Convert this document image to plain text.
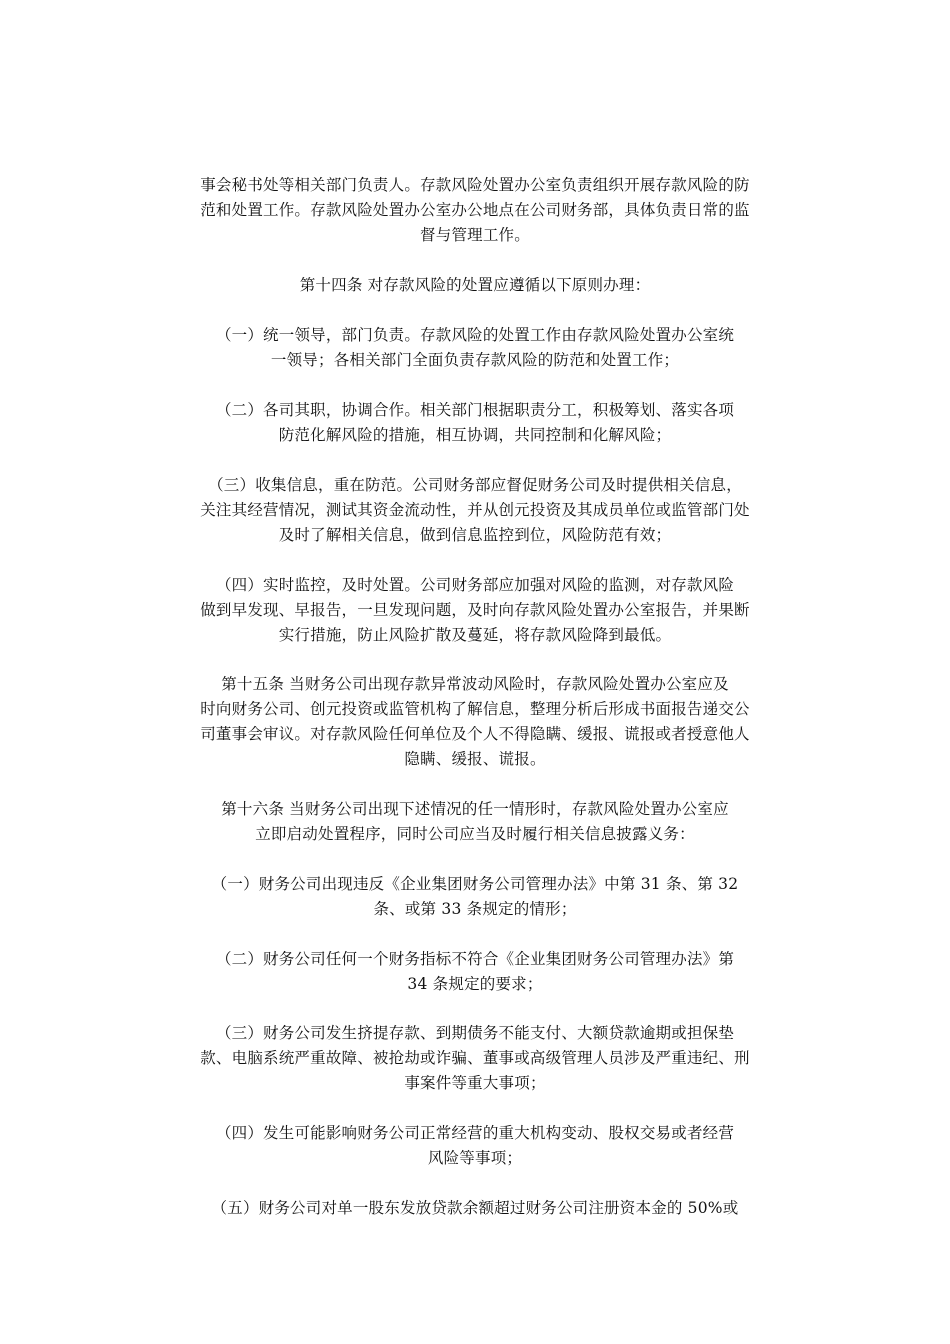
事会秘书处等相关部门负责人。存款风险处置办公室负责组织开展存款风险的防
范和处置工作。存款风险处置办公室办公地点在公司财务部，具体负责日常的监
督与管理工作。
第十四条 对存款风险的处置应遵循以下原则办理：
（一）统一领导，部门负责。存款风险的处置工作由存款风险处置办公室统
一领导；各相关部门全面负责存款风险的防范和处置工作；
（二）各司其职，协调合作。相关部门根据职责分工，积极筹划、落实各项
防范化解风险的措施，相互协调，共同控制和化解风险；
（三）收集信息，重在防范。公司财务部应督促财务公司及时提供相关信息，
关注其经营情况，测试其资金流动性，并从创元投资及其成员单位或监管部门处
及时了解相关信息，做到信息监控到位，风险防范有效；
（四）实时监控，及时处置。公司财务部应加强对风险的监测，对存款风险
做到早发现、早报告，一旦发现问题，及时向存款风险处置办公室报告，并果断
实行措施，防止风险扩散及蔓延，将存款风险降到最低。
第十五条 当财务公司出现存款异常波动风险时，存款风险处置办公室应及
时向财务公司、创元投资或监管机构了解信息，整理分析后形成书面报告递交公
司董事会审议。对存款风险任何单位及个人不得隐瞒、缓报、谎报或者授意他人
隐瞒、缓报、谎报。
第十六条 当财务公司出现下述情况的任一情形时，存款风险处置办公室应
立即启动处置程序，同时公司应当及时履行相关信息披露义务：
（一）财务公司出现违反《企业集团财务公司管理办法》中第 31 条、第 32
条、或第 33 条规定的情形；
（二）财务公司任何一个财务指标不符合《企业集团财务公司管理办法》第
34 条规定的要求；
（三）财务公司发生挤提存款、到期债务不能支付、大额贷款逾期或担保垫
款、电脑系统严重故障、被抢劫或诈骗、董事或高级管理人员涉及严重违纪、刑
事案件等重大事项；
（四）发生可能影响财务公司正常经营的重大机构变动、股权交易或者经营
风险等事项；
（五）财务公司对单一股东发放贷款余额超过财务公司注册资本金的 50%或
